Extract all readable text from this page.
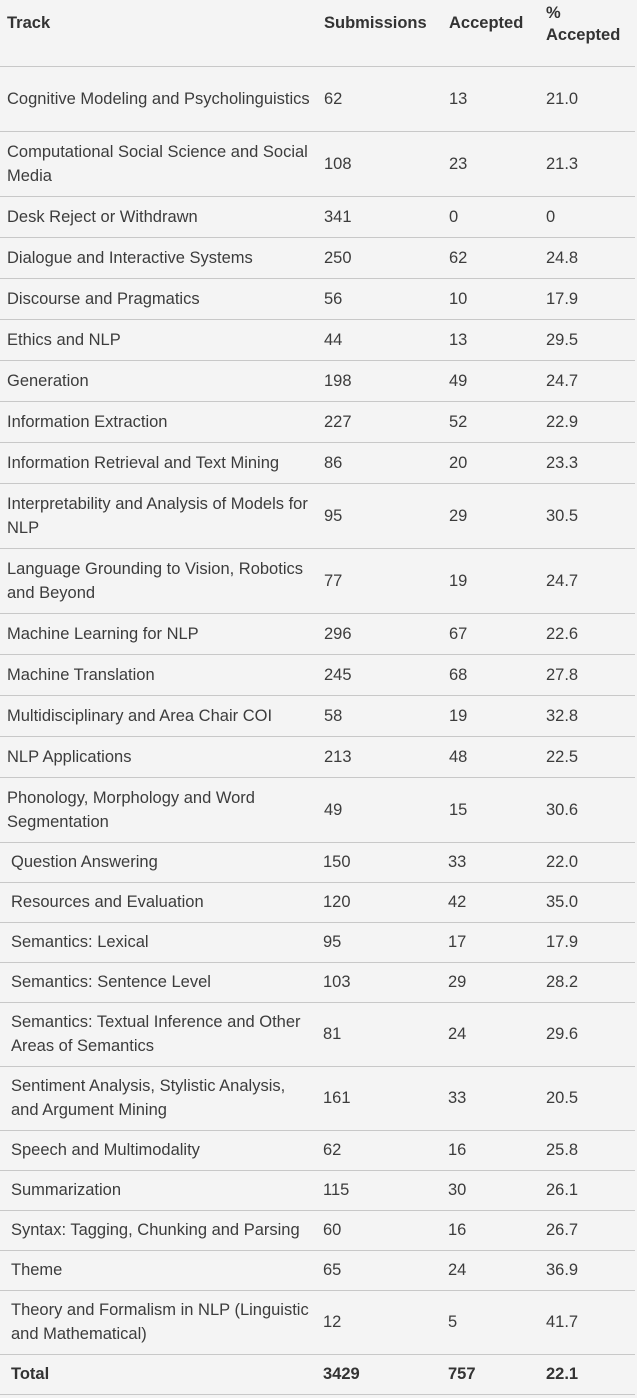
Track	Submissions	Accepted	%
Accepted
Cognitive Modeling and Psycholinguistics	62	13	21.0
Computational Social Science and Social Media	108	23	21.3
Desk Reject or Withdrawn	341	0	0
Dialogue and Interactive Systems	250	62	24.8
Discourse and Pragmatics	56	10	17.9
Ethics and NLP	44	13	29.5
Generation	198	49	24.7
Information Extraction	227	52	22.9
Information Retrieval and Text Mining	86	20	23.3
Interpretability and Analysis of Models for NLP	95	29	30.5
Language Grounding to Vision, Robotics and Beyond	77	19	24.7
Machine Learning for NLP	296	67	22.6
Machine Translation	245	68	27.8
Multidisciplinary and Area Chair COI	58	19	32.8
NLP Applications	213	48	22.5
Phonology, Morphology and Word Segmentation	49	15	30.6
Question Answering	150	33	22.0
Resources and Evaluation	120	42	35.0
Semantics: Lexical	95	17	17.9
Semantics: Sentence Level	103	29	28.2
Semantics: Textual Inference and Other Areas of Semantics	81	24	29.6
Sentiment Analysis, Stylistic Analysis, and Argument Mining	161	33	20.5
Speech and Multimodality	62	16	25.8
Summarization	115	30	26.1
Syntax: Tagging, Chunking and Parsing	60	16	26.7
Theme	65	24	36.9
Theory and Formalism in NLP (Linguistic and Mathematical)	12	5	41.7
Total	3429	757	22.1
